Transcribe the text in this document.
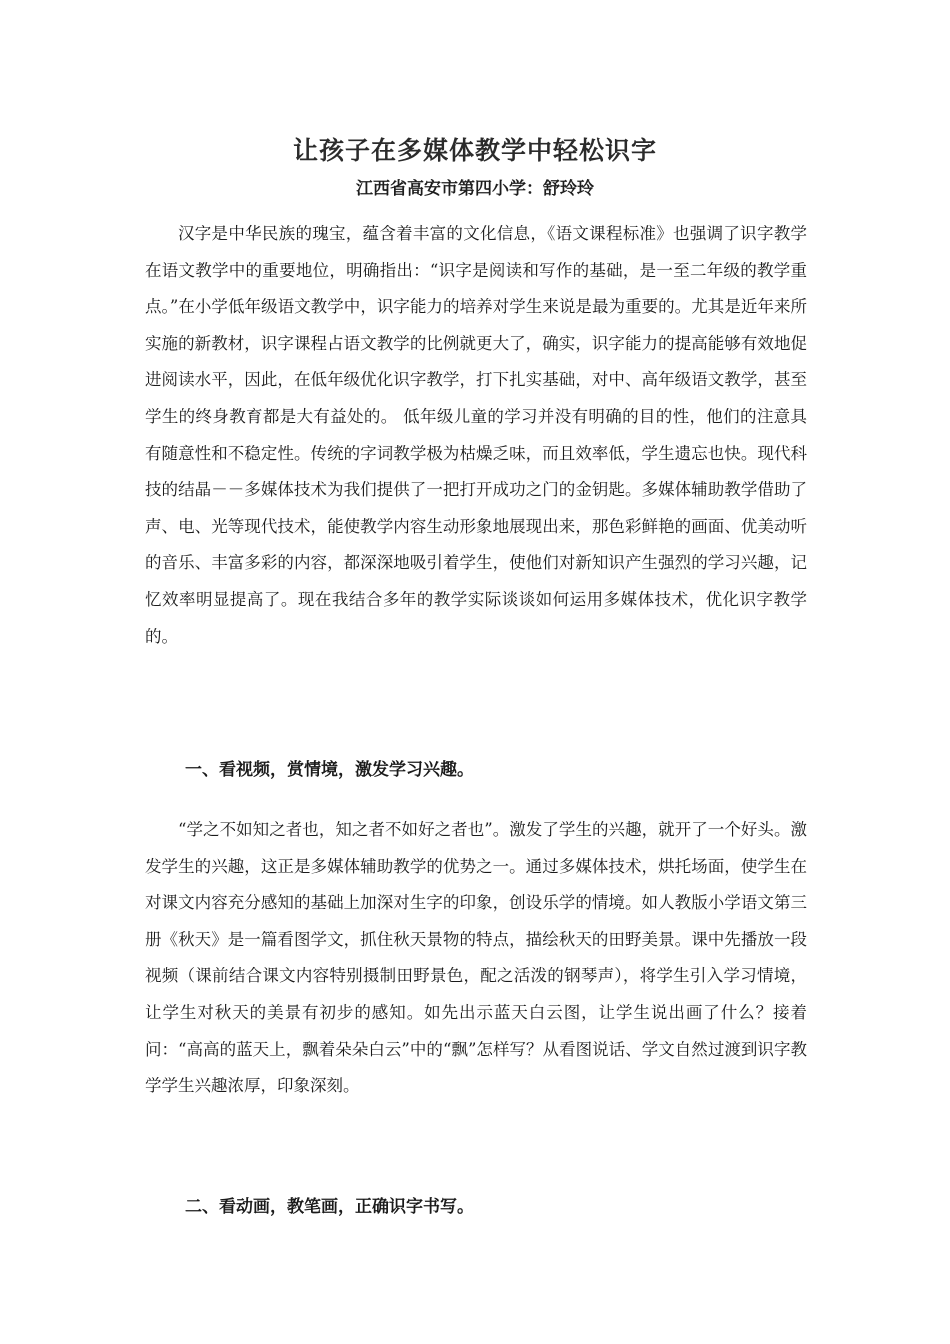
让孩子在多媒体教学中轻松识字
江西省高安市第四小学：舒玲玲

汉字是中华民族的瑰宝，蕴含着丰富的文化信息，《语文课程标准》也强调了识字教学在语文教学中的重要地位，明确指出：“识字是阅读和写作的基础，是一至二年级的教学重点。”在小学低年级语文教学中，识字能力的培养对学生来说是最为重要的。尤其是近年来所实施的新教材，识字课程占语文教学的比例就更大了，确实，识字能力的提高能够有效地促进阅读水平，因此，在低年级优化识字教学，打下扎实基础，对中、高年级语文教学，甚至学生的终身教育都是大有益处的。 低年级儿童的学习并没有明确的目的性，他们的注意具有随意性和不稳定性。传统的字词教学极为枯燥乏味，而且效率低，学生遗忘也快。现代科技的结晶－－多媒体技术为我们提供了一把打开成功之门的金钥匙。多媒体辅助教学借助了声、电、光等现代技术，能使教学内容生动形象地展现出来，那色彩鲜艳的画面、优美动听的音乐、丰富多彩的内容，都深深地吸引着学生，使他们对新知识产生强烈的学习兴趣，记忆效率明显提高了。现在我结合多年的教学实际谈谈如何运用多媒体技术，优化识字教学的。

一、看视频，赏情境，激发学习兴趣。

“学之不如知之者也，知之者不如好之者也”。激发了学生的兴趣，就开了一个好头。激发学生的兴趣，这正是多媒体辅助教学的优势之一。通过多媒体技术，烘托场面，使学生在对课文内容充分感知的基础上加深对生字的印象，创设乐学的情境。如人教版小学语文第三册《秋天》是一篇看图学文，抓住秋天景物的特点，描绘秋天的田野美景。课中先播放一段视频（课前结合课文内容特别摄制田野景色，配之活泼的钢琴声），将学生引入学习情境，让学生对秋天的美景有初步的感知。如先出示蓝天白云图，让学生说出画了什么？接着问：“高高的蓝天上，飘着朵朵白云”中的“飘”怎样写？从看图说话、学文自然过渡到识字教学学生兴趣浓厚，印象深刻。

二、看动画，教笔画，正确识字书写。
